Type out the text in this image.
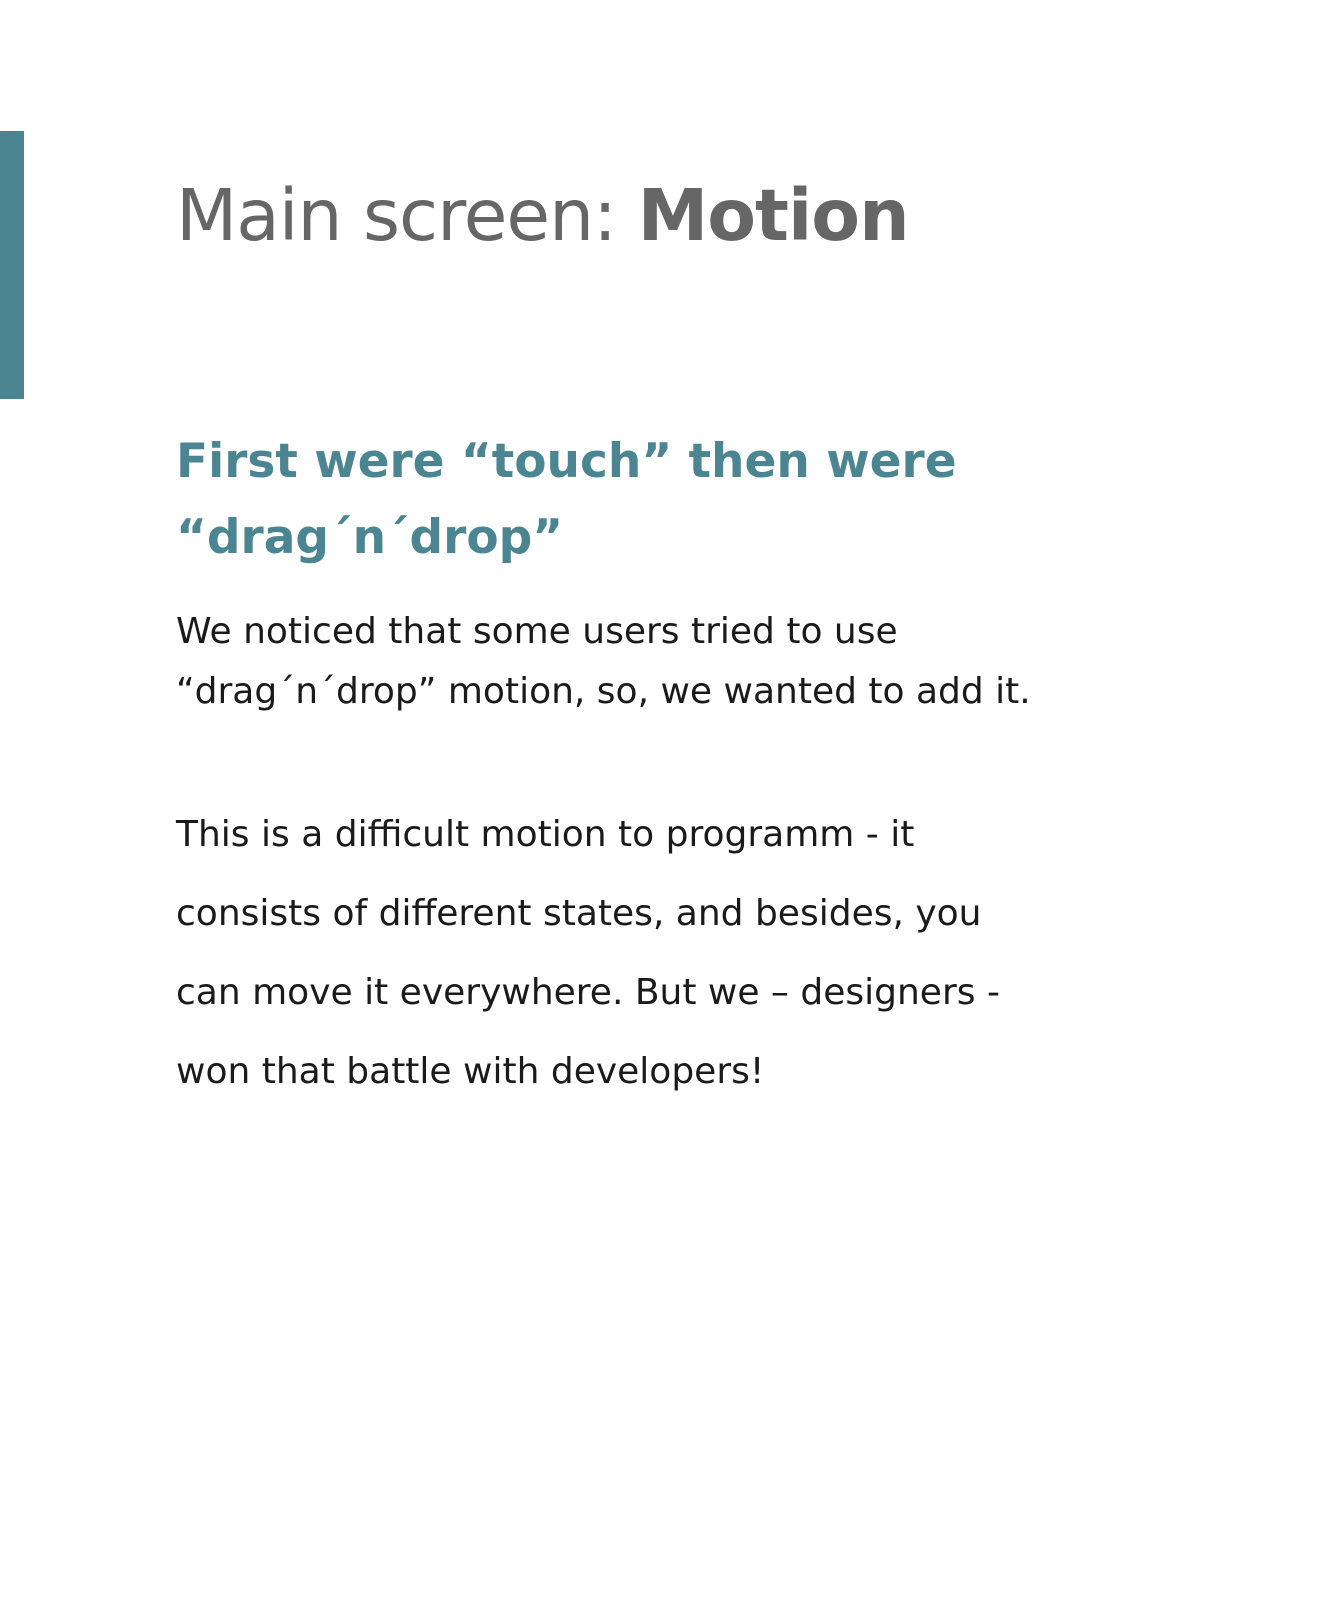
Main screen: Motion
First were “touch” then were
“drag´n´drop”

We noticed that some users tried to use
“drag´n´drop” motion, so, we wanted to add it.

This is a difficult motion to programm - it
consists of different states, and besides, you
can move it everywhere. But we – designers -
won that battle with developers!
